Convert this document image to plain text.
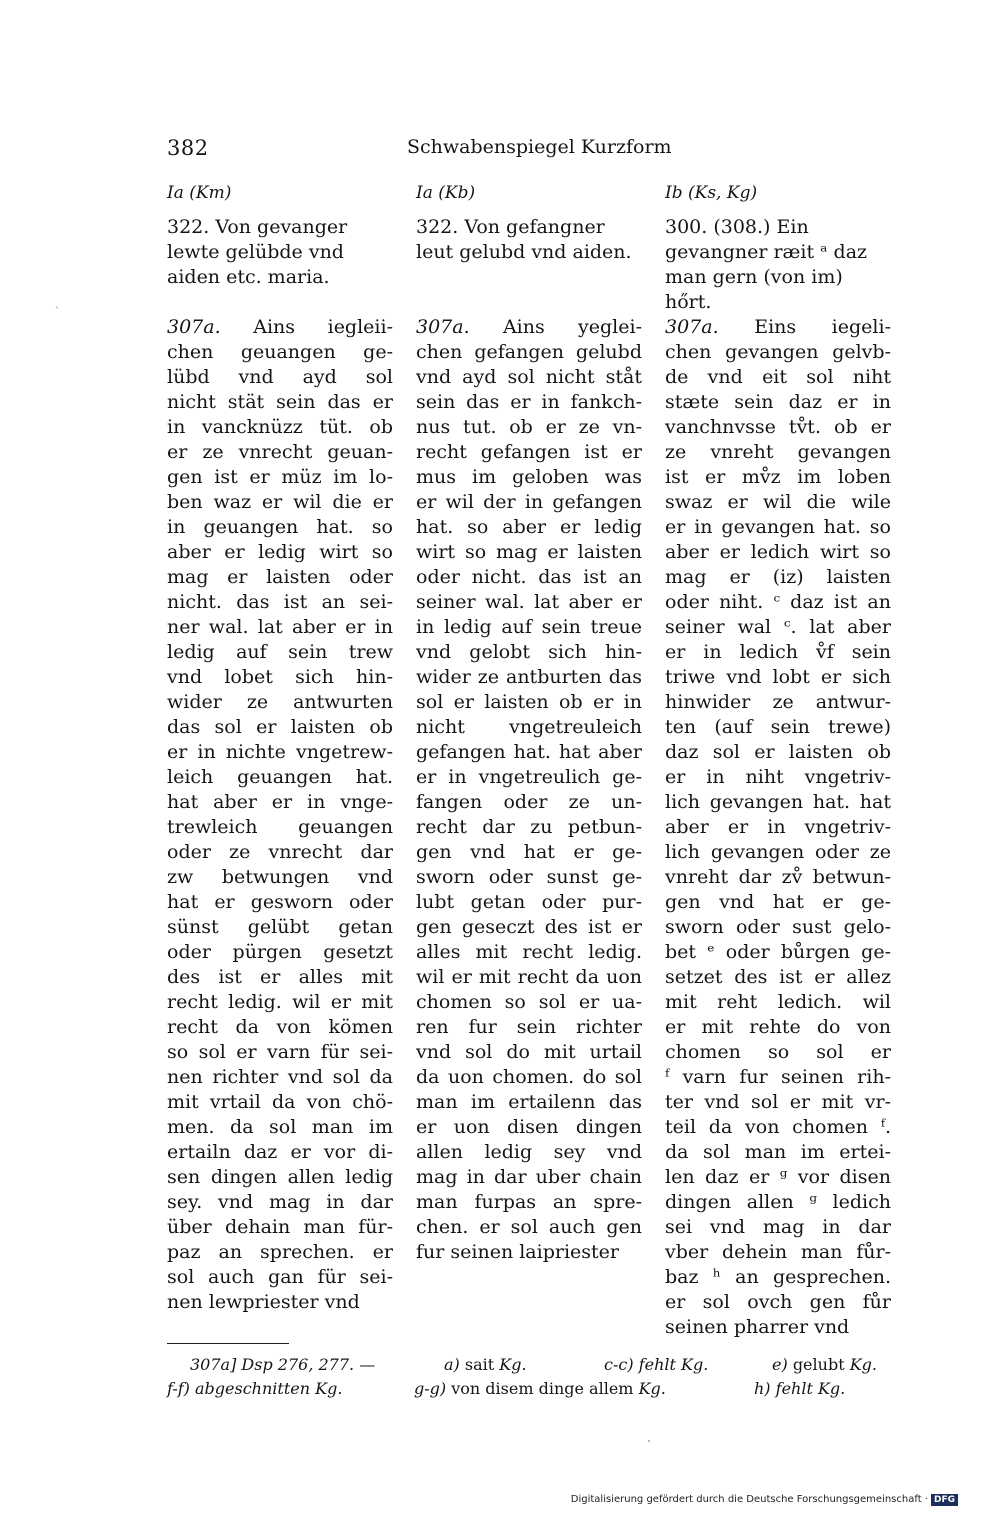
382	Schwabenspiegel Kurzform
`
Ia (Km)
322. Von gevanger
lewte gelübde vnd
aiden etc. maria.
307a. Ains iegleii-
chen geuangen ge-
lübd vnd ayd sol
nicht stät sein das er
in vancknüzz tüt. ob
er ze vnrecht geuan-
gen ist er müz im lo-
ben waz er wil die er
in geuangen hat. so
aber er ledig wirt so
mag er laisten oder
nicht. das ist an sei-
ner wal. lat aber er in
ledig auf sein trew
vnd lobet sich hin-
wider ze antwurten
das sol er laisten ob
er in nichte vngetrew-
leich geuangen hat.
hat aber er in vnge-
trewleich geuangen
oder ze vnrecht dar
zw betwungen vnd
hat er gesworn oder
sünst gelübt getan
oder pürgen gesetzt
des ist er alles mit
recht ledig. wil er mit
recht da von kömen
so sol er varn für sei-
nen richter vnd sol da
mit vrtail da von chö-
men. da sol man im
ertailn daz er vor di-
sen dingen allen ledig
sey. vnd mag in dar
über dehain man für-
paz an sprechen. er
sol auch gan für sei-
nen lewpriester vnd
Ia (Kb)
322. Von gefangner
leut gelubd vnd aiden.
307a. Ains yeglei-
chen gefangen gelubd
vnd ayd sol nicht ståt
sein das er in fankch-
nus tut. ob er ze vn-
recht gefangen ist er
mus im geloben was
er wil der in gefangen
hat. so aber er ledig
wirt so mag er laisten
oder nicht. das ist an
seiner wal. lat aber er
in ledig auf sein treue
vnd gelobt sich hin-
wider ze antburten das
sol er laisten ob er in
nicht vngetreuleich
gefangen hat. hat aber
er in vngetreulich ge-
fangen oder ze un-
recht dar zu petbun-
gen vnd hat er ge-
sworn oder sunst ge-
lubt getan oder pur-
gen geseczt des ist er
alles mit recht ledig.
wil er mit recht da uon
chomen so sol er ua-
ren fur sein richter
vnd sol do mit urtail
da uon chomen. do sol
man im ertailenn das
er uon disen dingen
allen ledig sey vnd
mag in dar uber chain
man furpas an spre-
chen. er sol auch gen
fur seinen laipriester
Ib (Ks, Kg)
300. (308.) Ein
gevangner ræit ᵃ daz
man gern (von im)
hőrt.
307a. Eins iegeli-
chen gevangen gelvb-
de vnd eit sol niht
stæte sein daz er in
vanchnvsse tv̊t. ob er
ze vnreht gevangen
ist er mv̊z im loben
swaz er wil die wile
er in gevangen hat. so
aber er ledich wirt so
mag er (iz) laisten
oder niht. ᶜ daz ist an
seiner wal ᶜ. lat aber
er in ledich v̊f sein
triwe vnd lobt er sich
hinwider ze antwur-
ten (auf sein trewe)
daz sol er laisten ob
er in niht vngetriv-
lich gevangen hat. hat
aber er in vngetriv-
lich gevangen oder ze
vnreht dar zv̊ betwun-
gen vnd hat er ge-
sworn oder sust gelo-
bet ᵉ oder bůrgen ge-
setzet des ist er allez
mit reht ledich. wil
er mit rehte do von
chomen so sol er
ᶠ varn fur seinen rih-
ter vnd sol er mit vr-
teil da von chomen ᶠ.
da sol man im ertei-
len daz er ᵍ vor disen
dingen allen ᵍ ledich
sei vnd mag in dar
vber dehein man fůr-
baz ʰ an gesprechen.
er sol ovch gen fůr
seinen pharrer vnd
307a] Dsp 276, 277. —	a) sait Kg.	c-c) fehlt Kg.	e) gelubt Kg.
f-f) abgeschnitten Kg.	g-g) von disem dinge allem Kg.	h) fehlt Kg.
Digitalisierung gefördert durch die Deutsche Forschungsgemeinschaft · DFG
